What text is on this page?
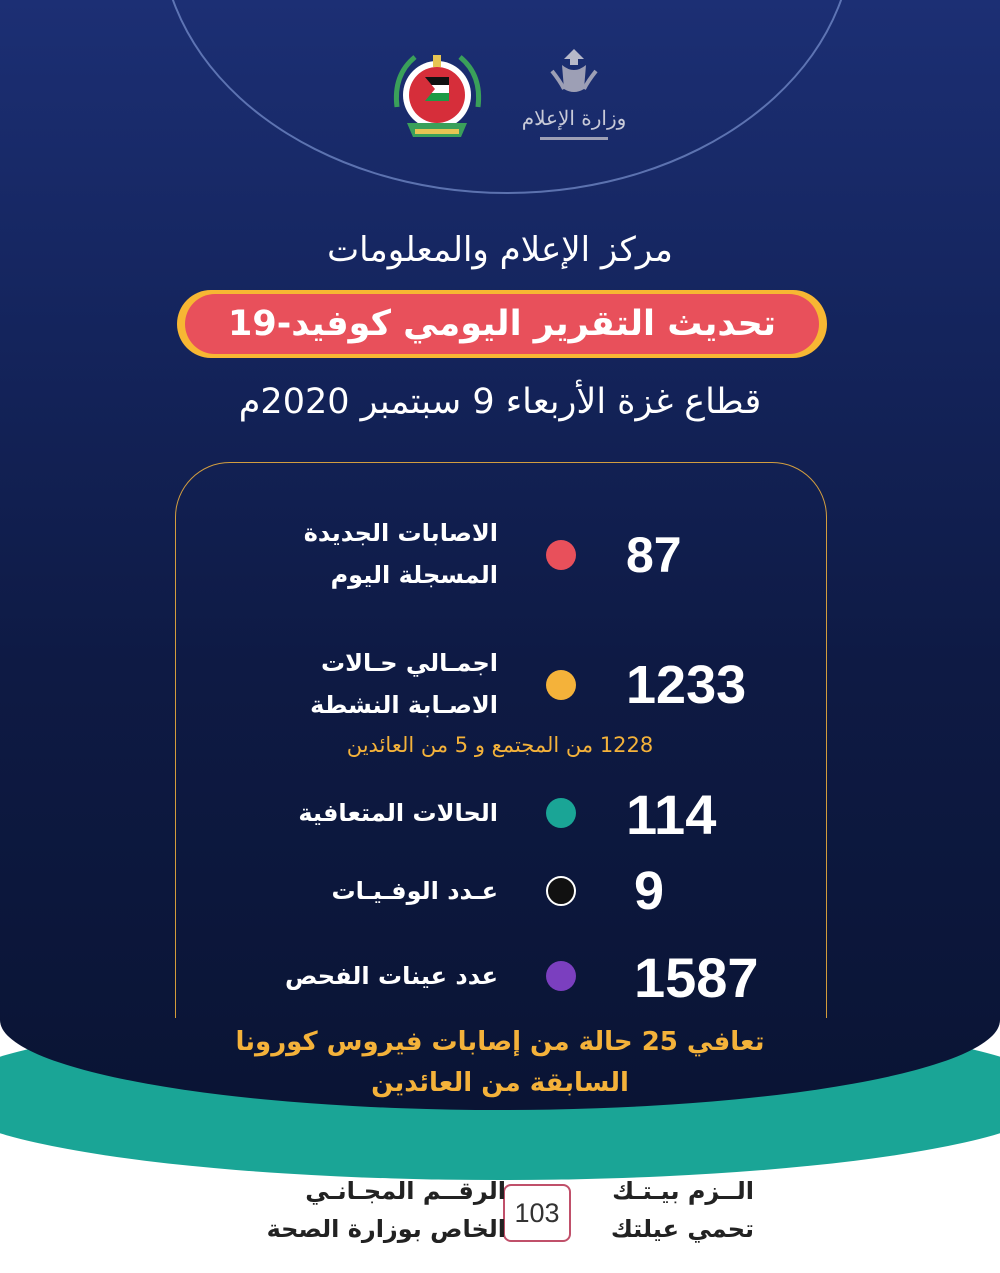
وزارة الإعلام
مركز الإعلام والمعلومات
تحديث التقرير اليومي كوفيد-19
قطاع غزة الأربعاء 9 سبتمبر 2020م
الاصابات الجديدة
المسجلة اليوم	87
اجمـالي حـالات
الاصـابة النشطة 1233
1228 من المجتمع و 5 من العائدين
الحالات المتعافية 114
عـدد الوفـيـات	9
عدد عينات الفحص 1587
تعافي 25 حالة من إصابات فيروس كورونا
السابقة من العائدين
الــزم بيـتـك
تحمي عيلتك
103
الرقــم المجـانـي
الخاص بوزارة الصحة
